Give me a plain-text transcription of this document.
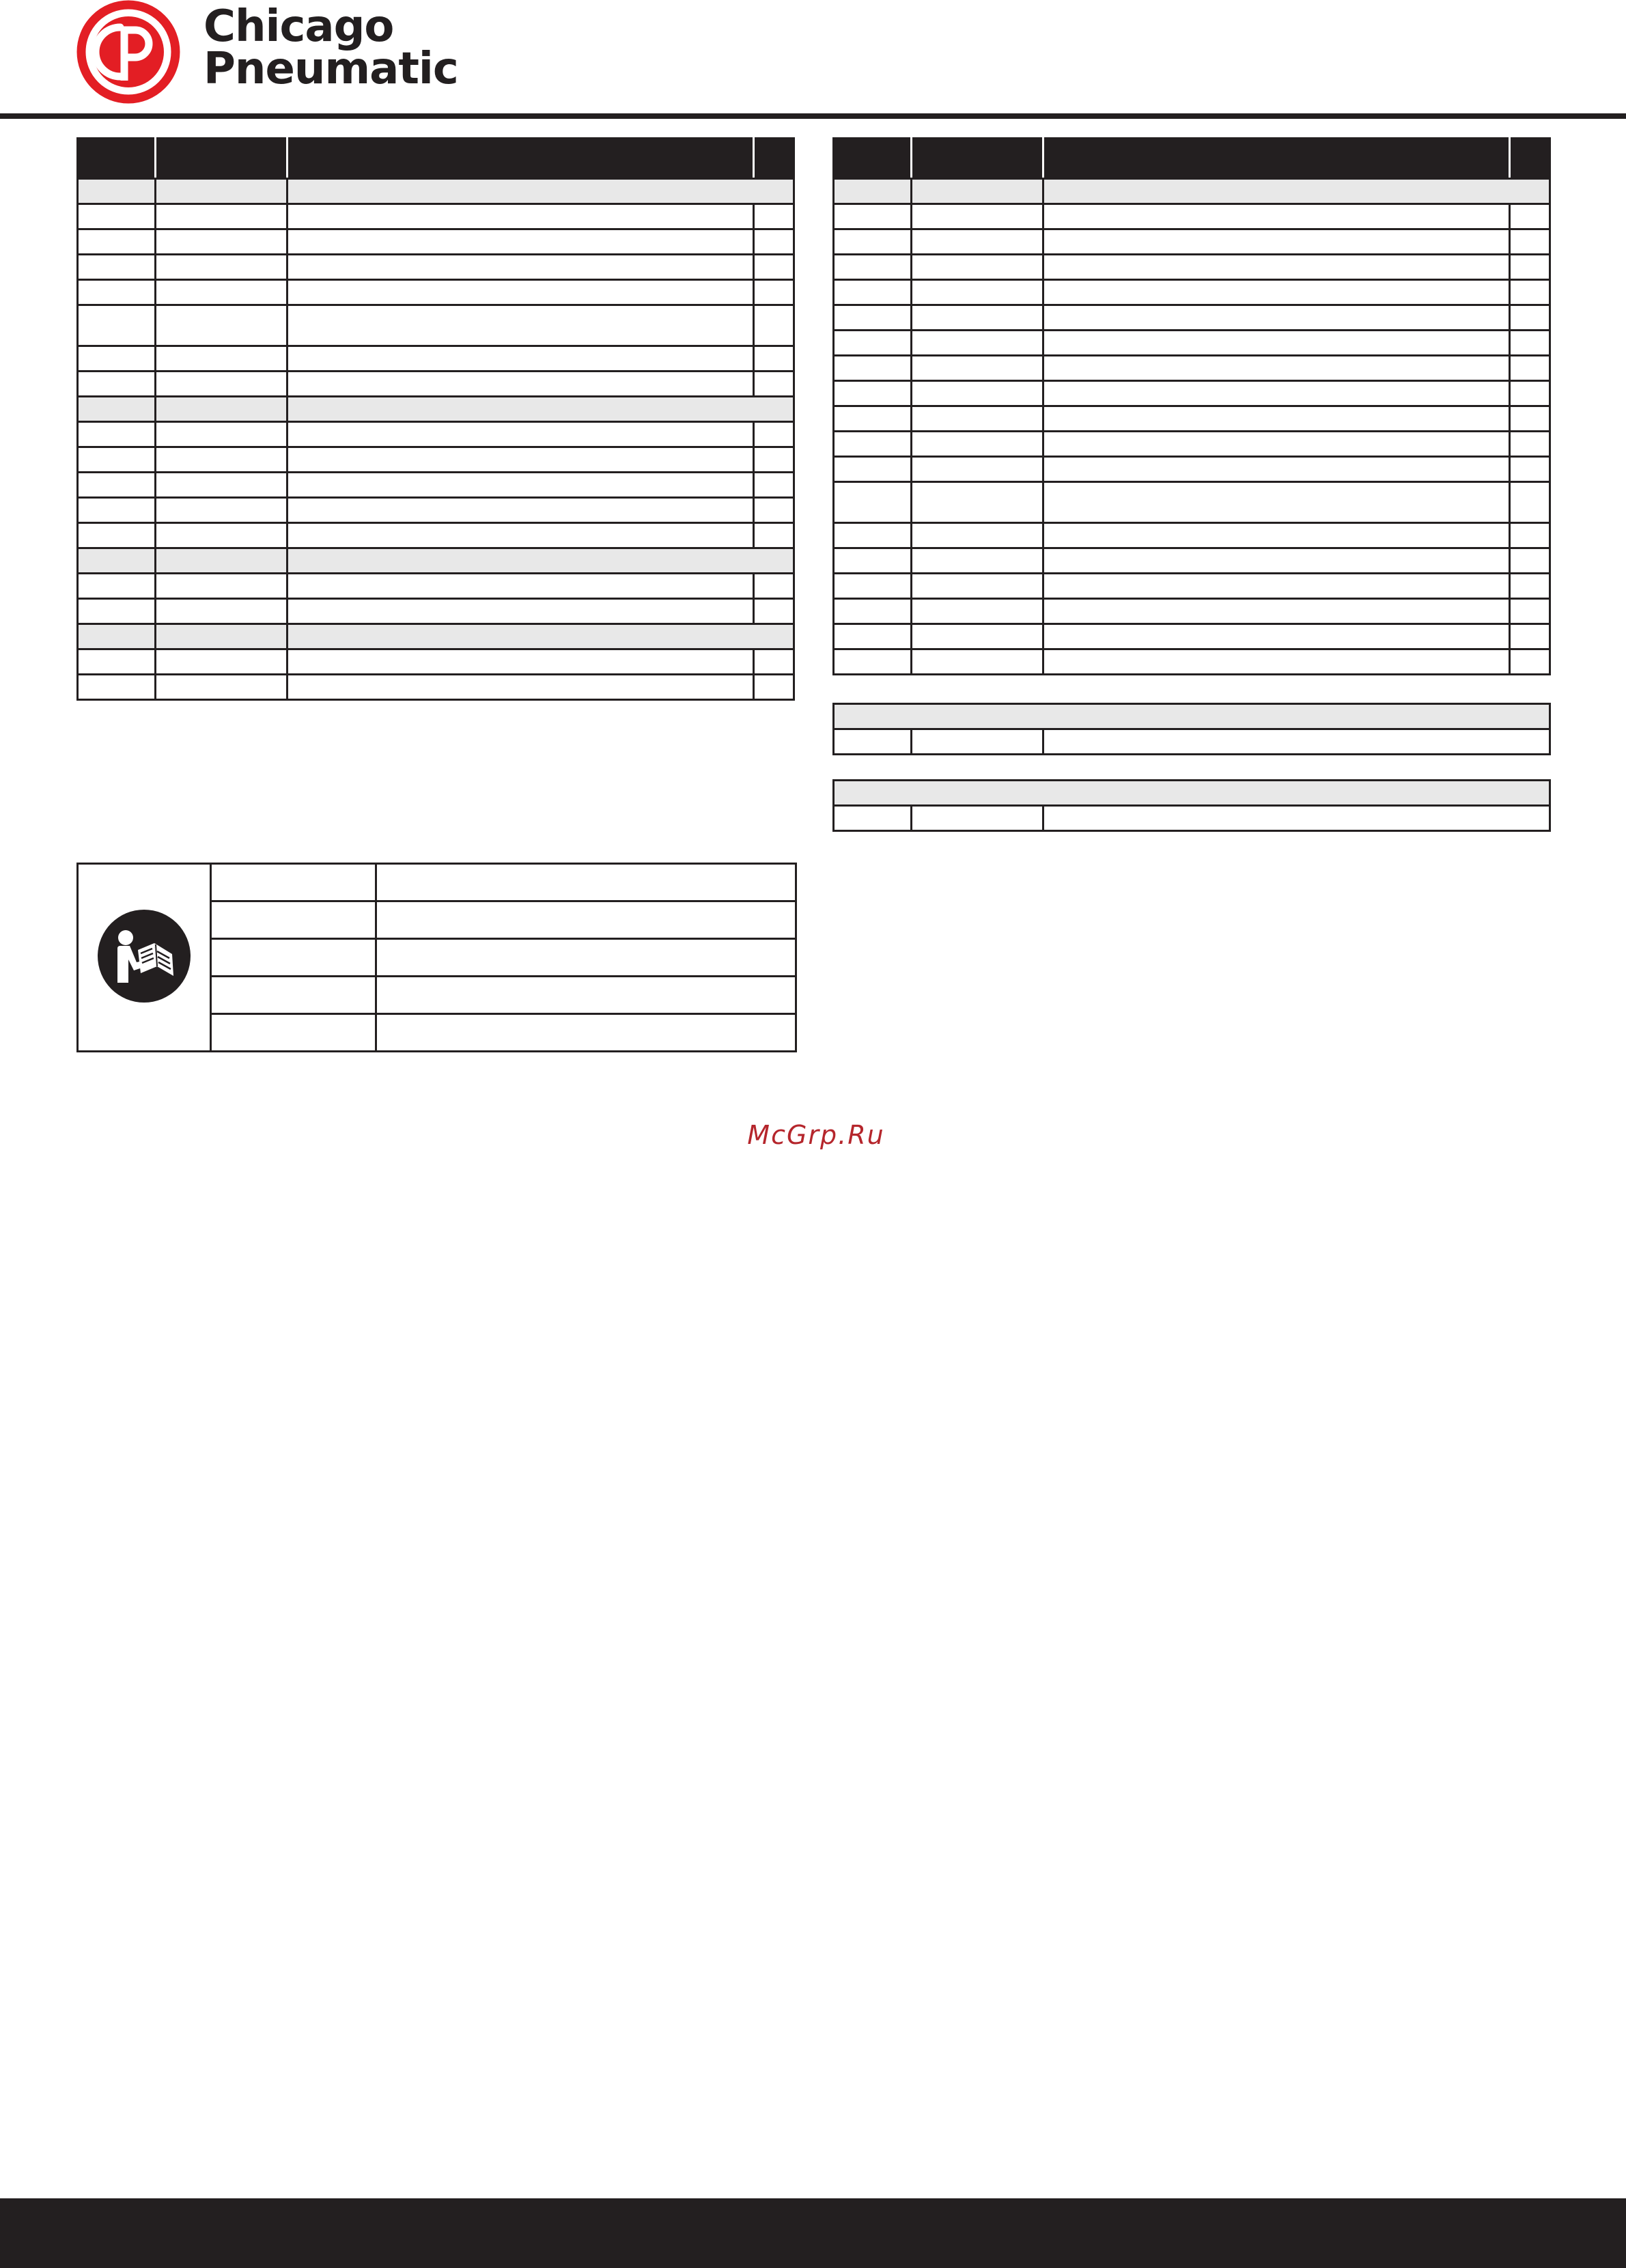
Chicago
Pneumatic

McGrp.Ru
